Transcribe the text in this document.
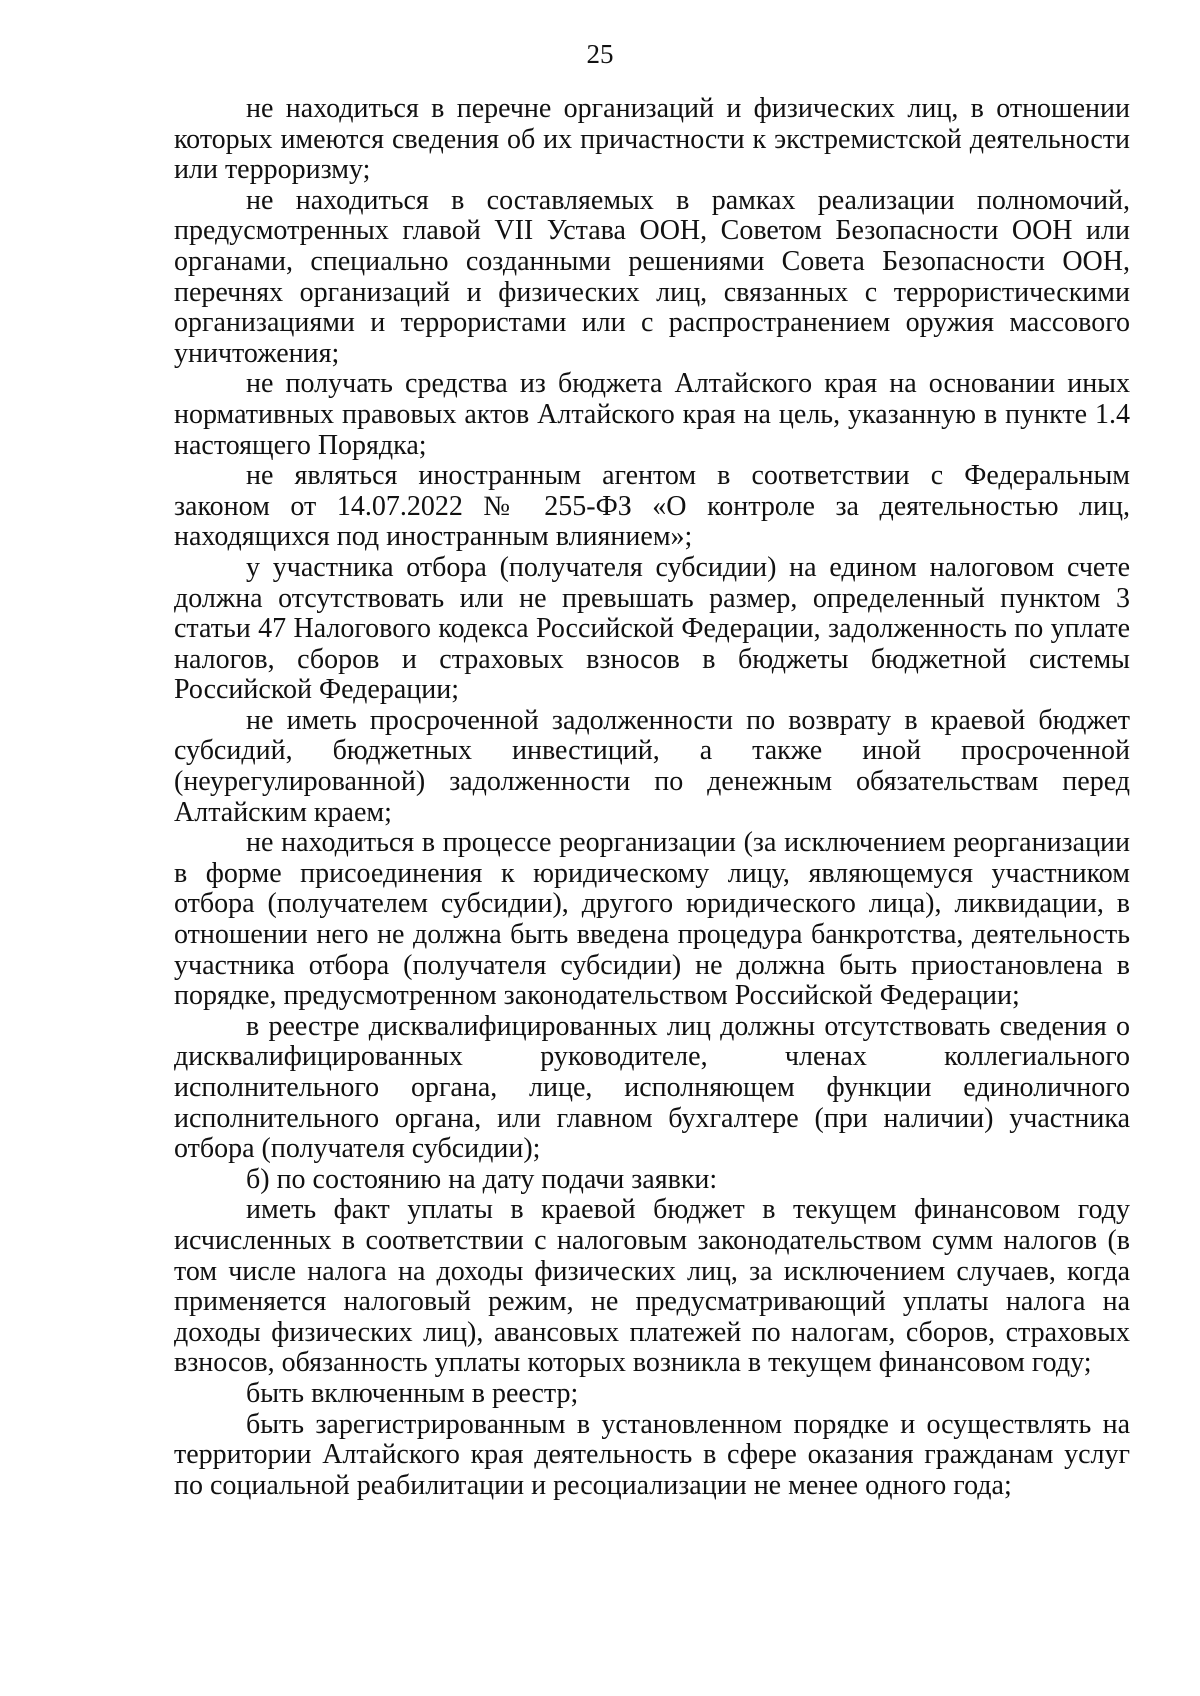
25

не находиться в перечне организаций и физических лиц, в отношении которых имеются сведения об их причастности к экстремистской деятельности или терроризму;

не находиться в составляемых в рамках реализации полномочий, предусмотренных главой VII Устава ООН, Советом Безопасности ООН или органами, специально созданными решениями Совета Безопасности ООН, перечнях организаций и физических лиц, связанных с террористическими организациями и террористами или с распространением оружия массового уничтожения;

не получать средства из бюджета Алтайского края на основании иных нормативных правовых актов Алтайского края на цель, указанную в пункте 1.4 настоящего Порядка;

не являться иностранным агентом в соответствии с Федеральным законом от 14.07.2022 № 255-ФЗ «О контроле за деятельностью лиц, находящихся под иностранным влиянием»;

у участника отбора (получателя субсидии) на едином налоговом счете должна отсутствовать или не превышать размер, определенный пунктом 3 статьи 47 Налогового кодекса Российской Федерации, задолженность по уплате налогов, сборов и страховых взносов в бюджеты бюджетной системы Российской Федерации;

не иметь просроченной задолженности по возврату в краевой бюджет субсидий, бюджетных инвестиций, а также иной просроченной (неурегулированной) задолженности по денежным обязательствам перед Алтайским краем;

не находиться в процессе реорганизации (за исключением реорганизации в форме присоединения к юридическому лицу, являющемуся участником отбора (получателем субсидии), другого юридического лица), ликвидации, в отношении него не должна быть введена процедура банкротства, деятельность участника отбора (получателя субсидии) не должна быть приостановлена в порядке, предусмотренном законодательством Российской Федерации;

в реестре дисквалифицированных лиц должны отсутствовать сведения о дисквалифицированных руководителе, членах коллегиального исполнительного органа, лице, исполняющем функции единоличного исполнительного органа, или главном бухгалтере (при наличии) участника отбора (получателя субсидии);

б) по состоянию на дату подачи заявки:

иметь факт уплаты в краевой бюджет в текущем финансовом году исчисленных в соответствии с налоговым законодательством сумм налогов (в том числе налога на доходы физических лиц, за исключением случаев, когда применяется налоговый режим, не предусматривающий уплаты налога на доходы физических лиц), авансовых платежей по налогам, сборов, страховых взносов, обязанность уплаты которых возникла в текущем финансовом году;

быть включенным в реестр;

быть зарегистрированным в установленном порядке и осуществлять на территории Алтайского края деятельность в сфере оказания гражданам услуг по социальной реабилитации и ресоциализации не менее одного года;
